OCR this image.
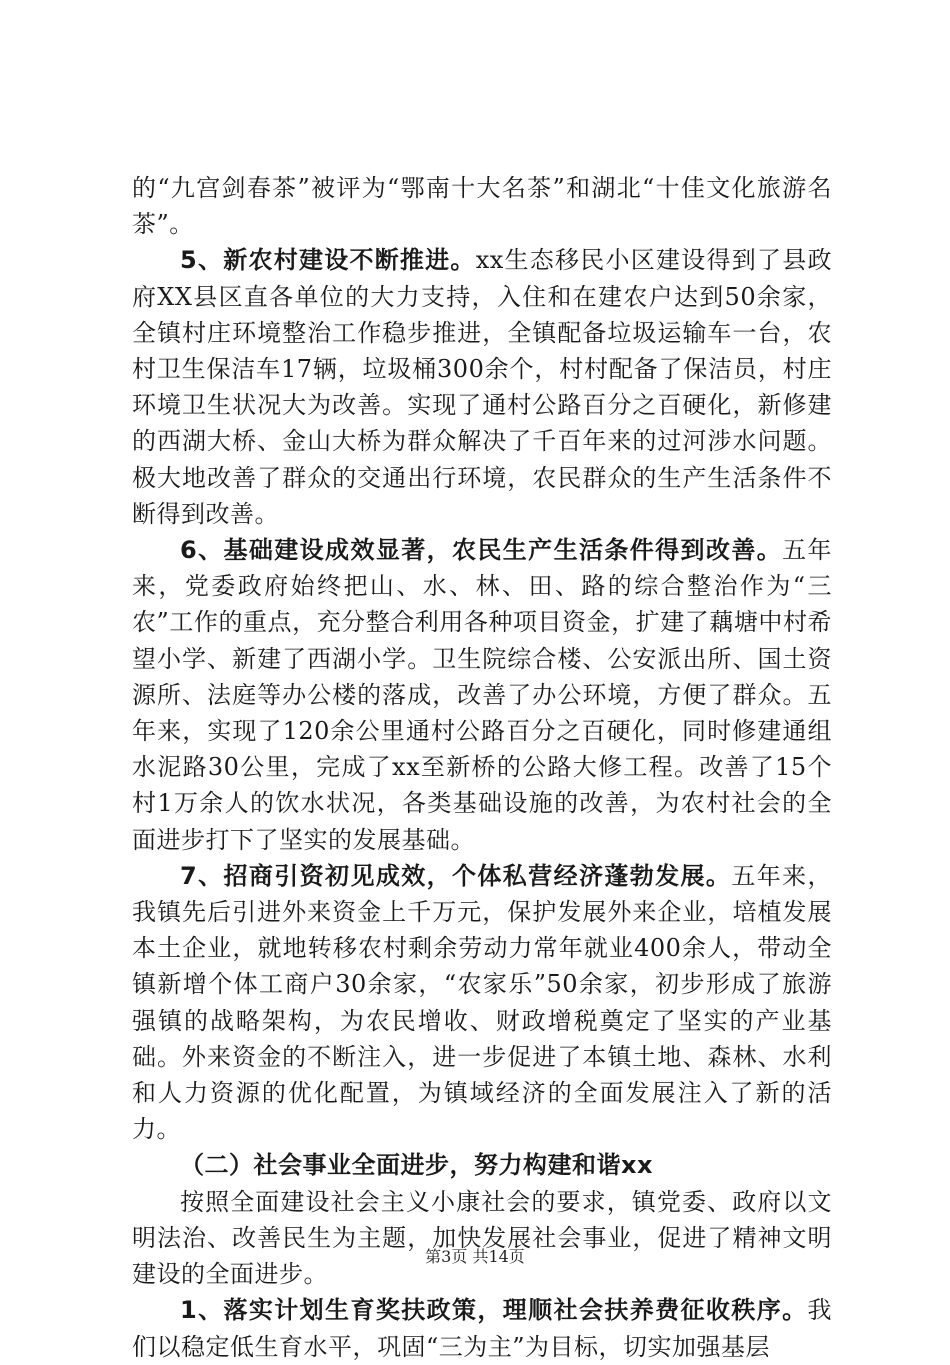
的“九宫剑春茶”被评为“鄂南十大名茶”和湖北“十佳文化旅游名茶”。

5、新农村建设不断推进。xx生态移民小区建设得到了县政府XX县区直各单位的大力支持，入住和在建农户达到50余家，全镇村庄环境整治工作稳步推进，全镇配备垃圾运输车一台，农村卫生保洁车17辆，垃圾桶300余个，村村配备了保洁员，村庄环境卫生状况大为改善。实现了通村公路百分之百硬化，新修建的西湖大桥、金山大桥为群众解决了千百年来的过河涉水问题。极大地改善了群众的交通出行环境，农民群众的生产生活条件不断得到改善。

6、基础建设成效显著，农民生产生活条件得到改善。五年来，党委政府始终把山、水、林、田、路的综合整治作为“三农”工作的重点，充分整合利用各种项目资金，扩建了藕塘中村希望小学、新建了西湖小学。卫生院综合楼、公安派出所、国土资源所、法庭等办公楼的落成，改善了办公环境，方便了群众。五年来，实现了120余公里通村公路百分之百硬化，同时修建通组水泥路30公里，完成了xx至新桥的公路大修工程。改善了15个村1万余人的饮水状况，各类基础设施的改善，为农村社会的全面进步打下了坚实的发展基础。

7、招商引资初见成效，个体私营经济蓬勃发展。五年来，我镇先后引进外来资金上千万元，保护发展外来企业，培植发展本土企业，就地转移农村剩余劳动力常年就业400余人，带动全镇新增个体工商户30余家，“农家乐”50余家，初步形成了旅游强镇的战略架构，为农民增收、财政增税奠定了坚实的产业基础。外来资金的不断注入，进一步促进了本镇土地、森林、水利和人力资源的优化配置，为镇域经济的全面发展注入了新的活力。

（二）社会事业全面进步，努力构建和谐xx

按照全面建设社会主义小康社会的要求，镇党委、政府以文明法治、改善民生为主题，加快发展社会事业，促进了精神文明建设的全面进步。

1、落实计划生育奖扶政策，理顺社会扶养费征收秩序。我们以稳定低生育水平，巩固“三为主”为目标，切实加强基层

第3页 共14页
